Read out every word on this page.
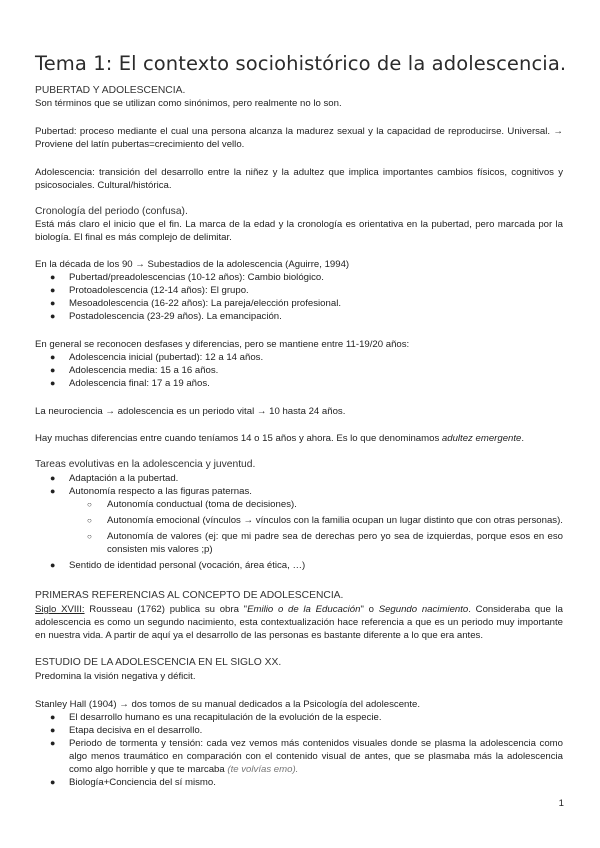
Tema 1: El contexto sociohistórico de la adolescencia.
PUBERTAD Y ADOLESCENCIA.
Son términos que se utilizan como sinónimos, pero realmente no lo son.
Pubertad: proceso mediante el cual una persona alcanza la madurez sexual y la capacidad de reproducirse. Universal. → Proviene del latín pubertas=crecimiento del vello.
Adolescencia: transición del desarrollo entre la niñez y la adultez que implica importantes cambios físicos, cognitivos y psicosociales. Cultural/histórica.
Cronología del periodo (confusa).
Está más claro el inicio que el fin. La marca de la edad y la cronología es orientativa en la pubertad, pero marcada por la biología. El final es más complejo de delimitar.
En la década de los 90 → Subestadios de la adolescencia (Aguirre, 1994)
● Pubertad/preadolescencias (10-12 años): Cambio biológico.
● Protoadolescencia (12-14 años): El grupo.
● Mesoadolescencia (16-22 años): La pareja/elección profesional.
● Postadolescencia (23-29 años). La emancipación.
En general se reconocen desfases y diferencias, pero se mantiene entre 11-19/20 años:
● Adolescencia inicial (pubertad): 12 a 14 años.
● Adolescencia media: 15 a 16 años.
● Adolescencia final: 17 a 19 años.
La neurociencia → adolescencia es un periodo vital → 10 hasta 24 años.
Hay muchas diferencias entre cuando teníamos 14 o 15 años y ahora. Es lo que denominamos adultez emergente.
Tareas evolutivas en la adolescencia y juventud.
● Adaptación a la pubertad.
● Autonomía respecto a las figuras paternas.
○ Autonomía conductual (toma de decisiones).
○ Autonomía emocional (vínculos → vínculos con la familia ocupan un lugar distinto que con otras personas).
○ Autonomía de valores (ej: que mi padre sea de derechas pero yo sea de izquierdas, porque esos en eso consisten mis valores ;p)
● Sentido de identidad personal (vocación, área ética, …)
PRIMERAS REFERENCIAS AL CONCEPTO DE ADOLESCENCIA.
Siglo XVIII: Rousseau (1762) publica su obra "Emilio o de la Educación" o Segundo nacimiento. Consideraba que la adolescencia es como un segundo nacimiento, esta contextualización hace referencia a que es un periodo muy importante en nuestra vida. A partir de aquí ya el desarrollo de las personas es bastante diferente a lo que era antes.
ESTUDIO DE LA ADOLESCENCIA EN EL SIGLO XX.
Predomina la visión negativa y déficit.
Stanley Hall (1904) → dos tomos de su manual dedicados a la Psicología del adolescente.
● El desarrollo humano es una recapitulación de la evolución de la especie.
● Etapa decisiva en el desarrollo.
● Periodo de tormenta y tensión: cada vez vemos más contenidos visuales donde se plasma la adolescencia como algo menos traumático en comparación con el contenido visual de antes, que se plasmaba más la adolescencia como algo horrible y que te marcaba (te volvías emo).
● Biología+Conciencia del sí mismo.
1
